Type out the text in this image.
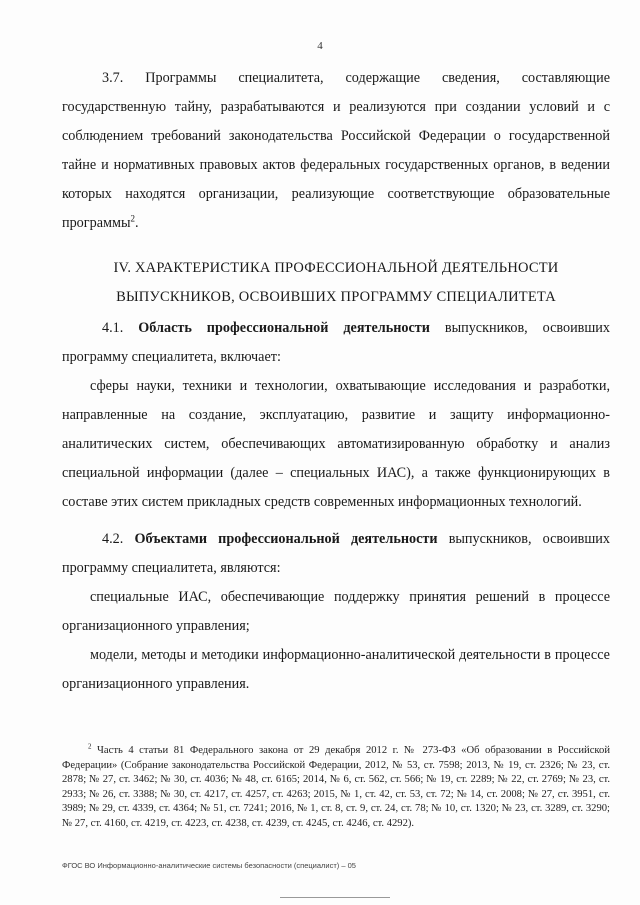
4

3.7. Программы специалитета, содержащие сведения, составляющие государственную тайну, разрабатываются и реализуются при создании условий и с соблюдением требований законодательства Российской Федерации о государственной тайне и нормативных правовых актов федеральных государственных органов, в ведении которых находятся организации, реализующие соответствующие образовательные программы$^2$.

IV. ХАРАКТЕРИСТИКА ПРОФЕССИОНАЛЬНОЙ ДЕЯТЕЛЬНОСТИ
ВЫПУСКНИКОВ, ОСВОИВШИХ ПРОГРАММУ СПЕЦИАЛИТЕТА

4.1. Область профессиональной деятельности выпускников, освоивших программу специалитета, включает:

сферы науки, техники и технологии, охватывающие исследования и разработки, направленные на создание, эксплуатацию, развитие и защиту информационно-аналитических систем, обеспечивающих автоматизированную обработку и анализ специальной информации (далее – специальных ИАС), а также функционирующих в составе этих систем прикладных средств современных информационных технологий.

4.2. Объектами профессиональной деятельности выпускников, освоивших программу специалитета, являются:

специальные ИАС, обеспечивающие поддержку принятия решений в процессе организационного управления;

модели, методы и методики информационно-аналитической деятельности в процессе организационного управления.

$^2$ Часть 4 статьи 81 Федерального закона от 29 декабря 2012 г. № 273-ФЗ «Об образовании в Российской Федерации» (Собрание законодательства Российской Федерации, 2012, № 53, ст. 7598; 2013, № 19, ст. 2326; № 23, ст. 2878; № 27, ст. 3462; № 30, ст. 4036; № 48, ст. 6165; 2014, № 6, ст. 562, ст. 566; № 19, ст. 2289; № 22, ст. 2769; № 23, ст. 2933; № 26, ст. 3388; № 30, ст. 4217, ст. 4257, ст. 4263; 2015, № 1, ст. 42, ст. 53, ст. 72; № 14, ст. 2008; № 27, ст. 3951, ст. 3989; № 29, ст. 4339, ст. 4364; № 51, ст. 7241; 2016, № 1, ст. 8, ст. 9, ст. 24, ст. 78; № 10, ст. 1320; № 23, ст. 3289, ст. 3290; № 27, ст. 4160, ст. 4219, ст. 4223, ст. 4238, ст. 4239, ст. 4245, ст. 4246, ст. 4292).
ФГОС ВО Информационно-аналитические системы безопасности (специалист) – 05
